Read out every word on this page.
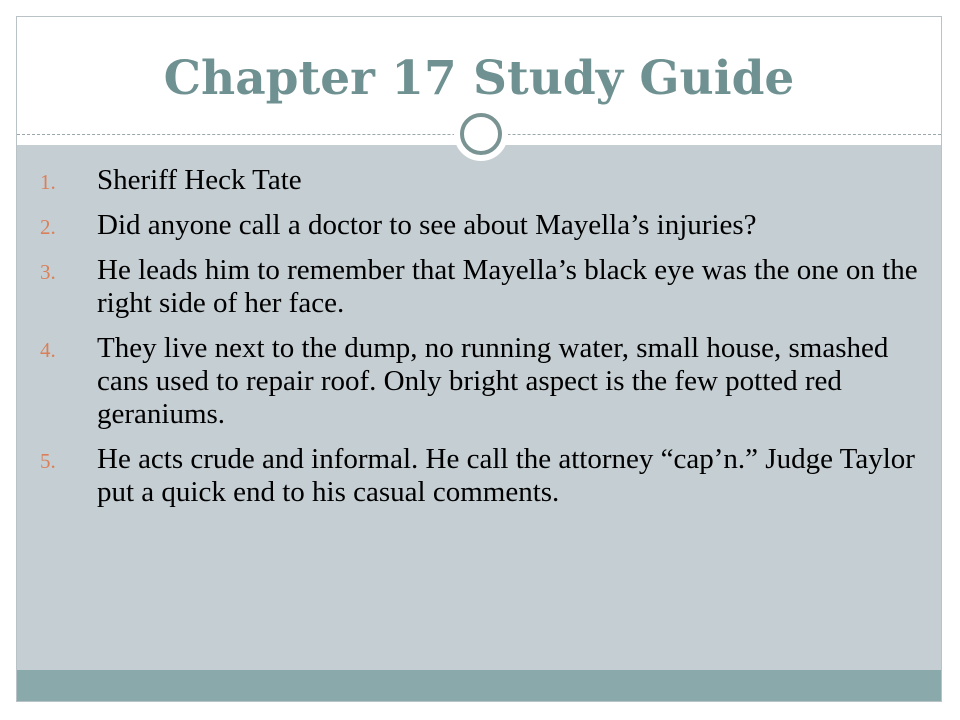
Chapter 17 Study Guide
1.	Sheriff Heck Tate
2.	Did anyone call a doctor to see about Mayella’s injuries?
3.	He leads him to remember that Mayella’s black eye was the one on the right side of her face.
4.	They live next to the dump, no running water, small house, smashed cans used to repair roof. Only bright aspect is the few potted red geraniums.
5.	He acts crude and informal. He call the attorney “cap’n.” Judge Taylor put a quick end to his casual comments.
